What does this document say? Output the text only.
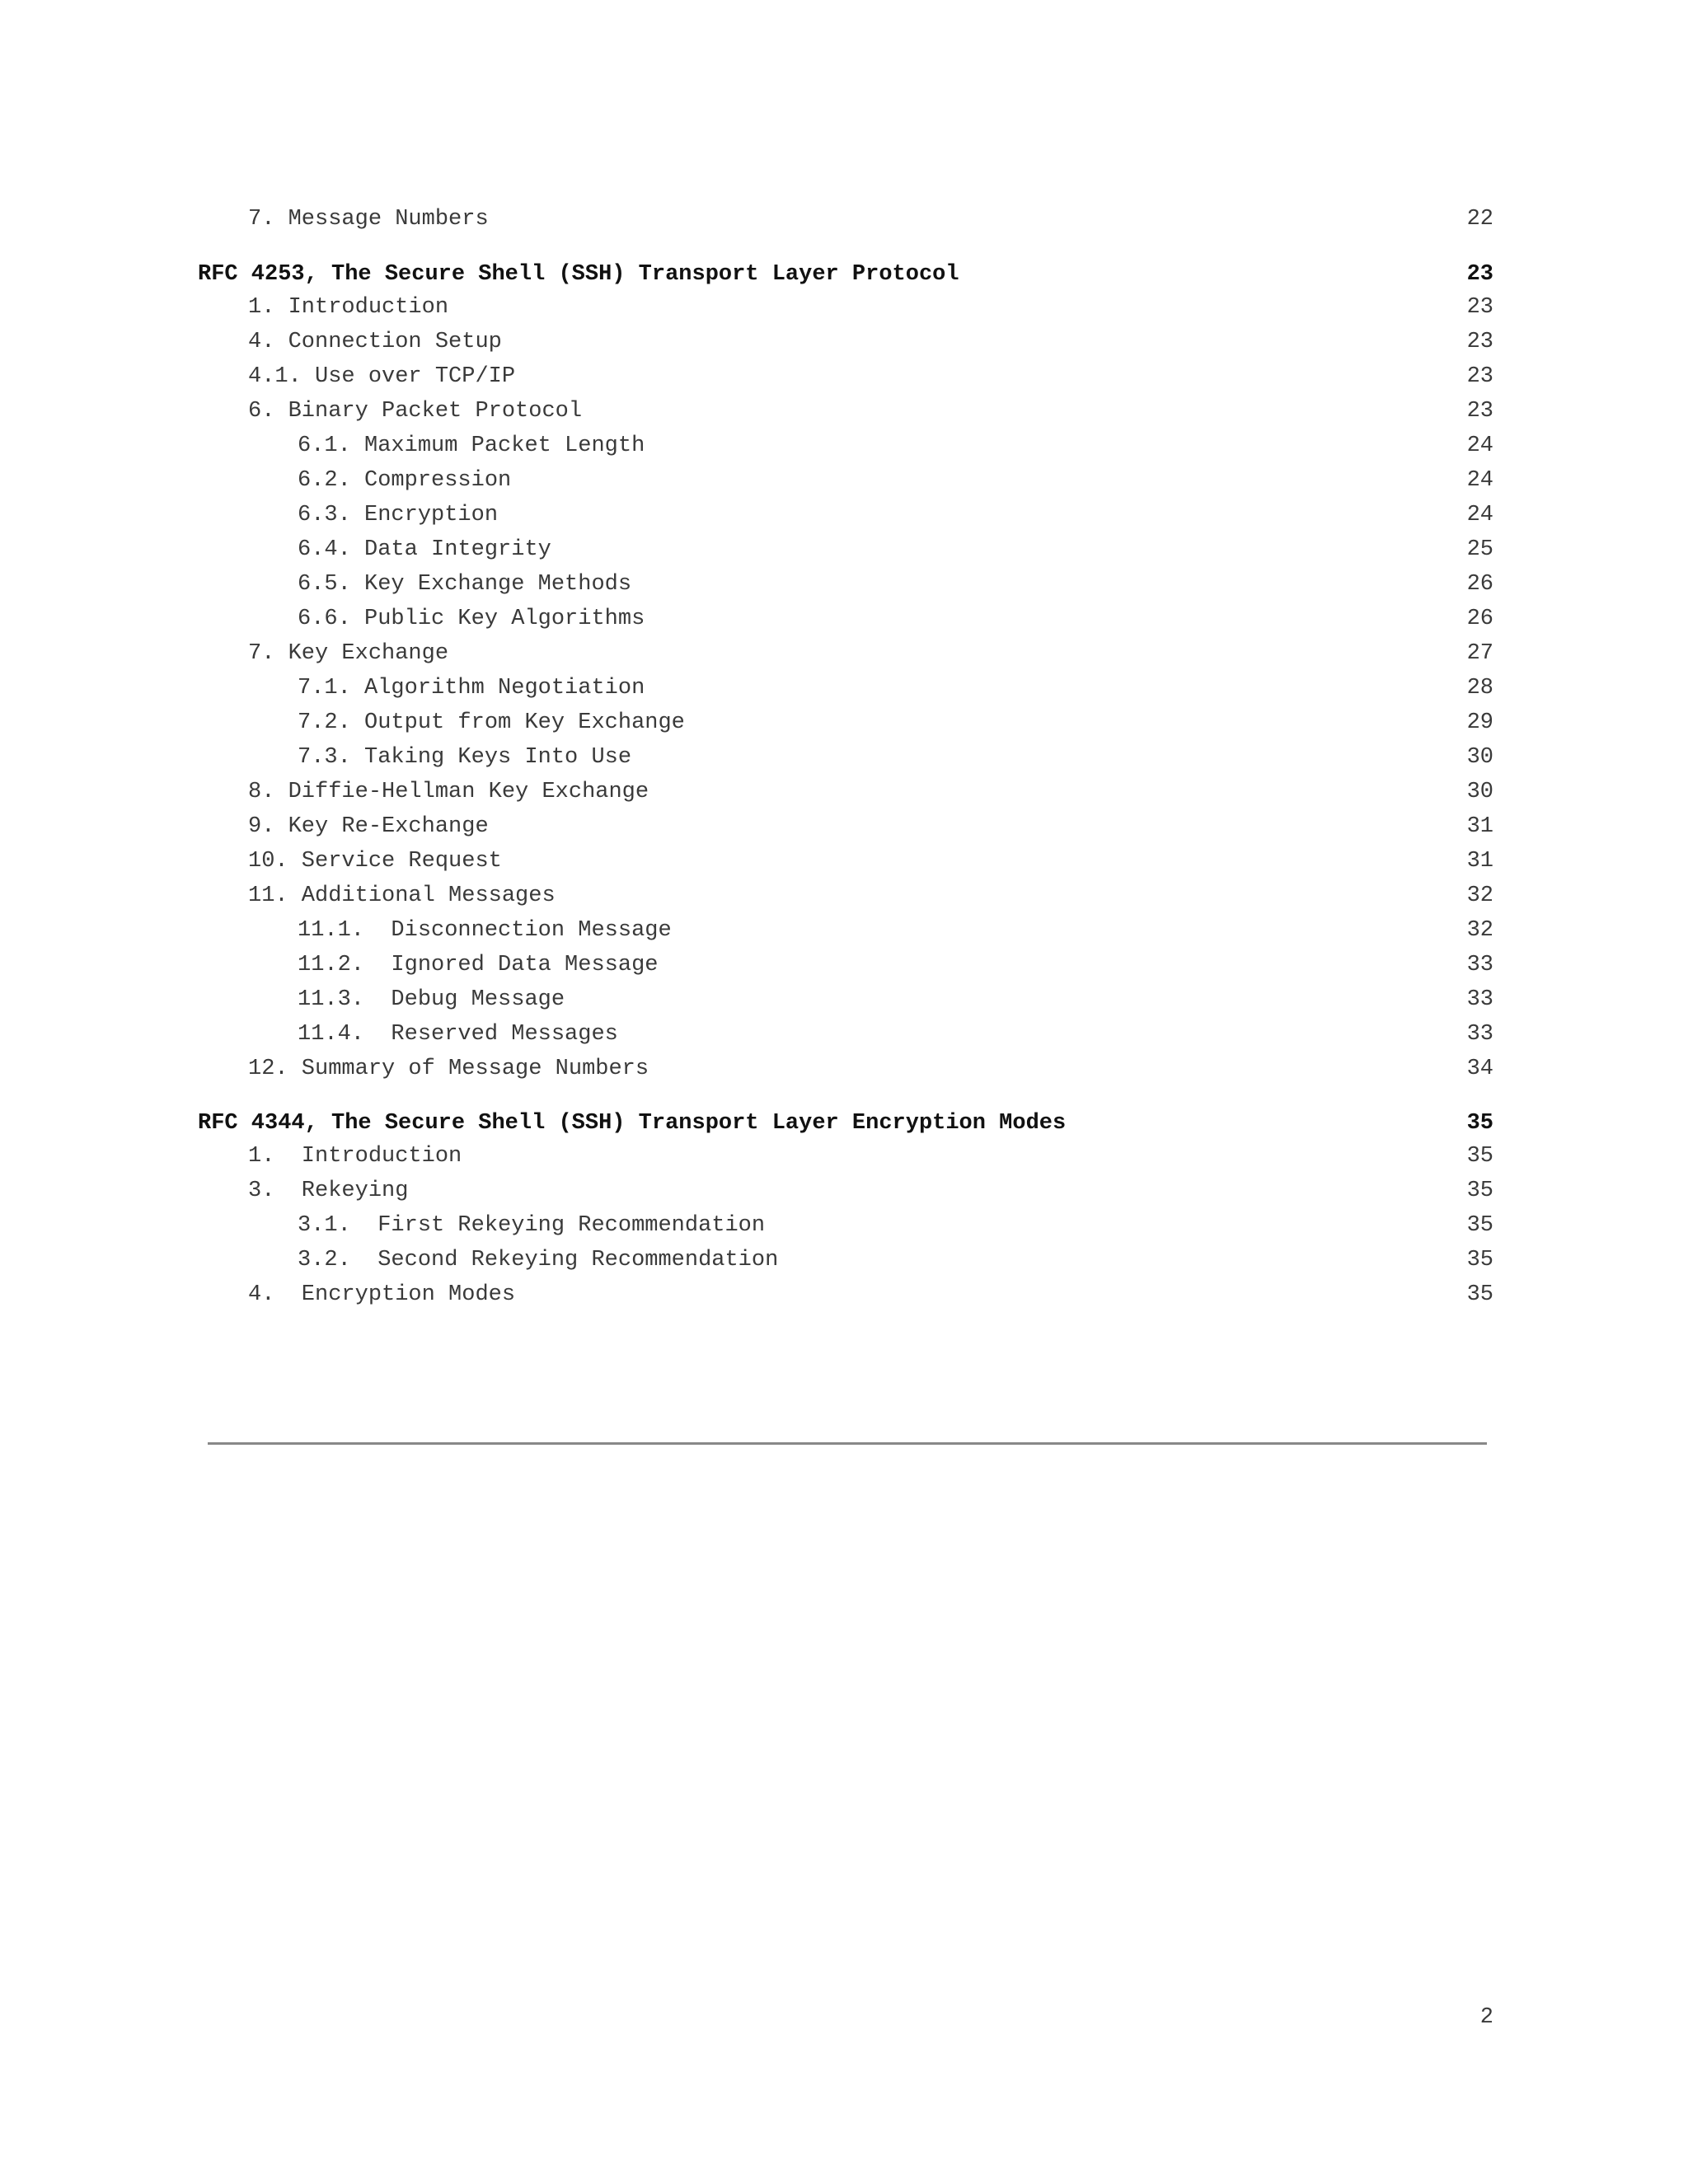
7. Message Numbers	22
RFC 4253, The Secure Shell (SSH) Transport Layer Protocol	23
1. Introduction	23
4. Connection Setup	23
4.1. Use over TCP/IP	23
6. Binary Packet Protocol	23
6.1. Maximum Packet Length	24
6.2. Compression	24
6.3. Encryption	24
6.4. Data Integrity	25
6.5. Key Exchange Methods	26
6.6. Public Key Algorithms	26
7. Key Exchange	27
7.1. Algorithm Negotiation	28
7.2. Output from Key Exchange	29
7.3. Taking Keys Into Use	30
8. Diffie-Hellman Key Exchange	30
9. Key Re-Exchange	31
10. Service Request	31
11. Additional Messages	32
11.1.  Disconnection Message	32
11.2.  Ignored Data Message	33
11.3.  Debug Message	33
11.4.  Reserved Messages	33
12. Summary of Message Numbers	34
RFC 4344, The Secure Shell (SSH) Transport Layer Encryption Modes	35
1.  Introduction	35
3.  Rekeying	35
3.1.  First Rekeying Recommendation	35
3.2.  Second Rekeying Recommendation	35
4.  Encryption Modes	35
2
